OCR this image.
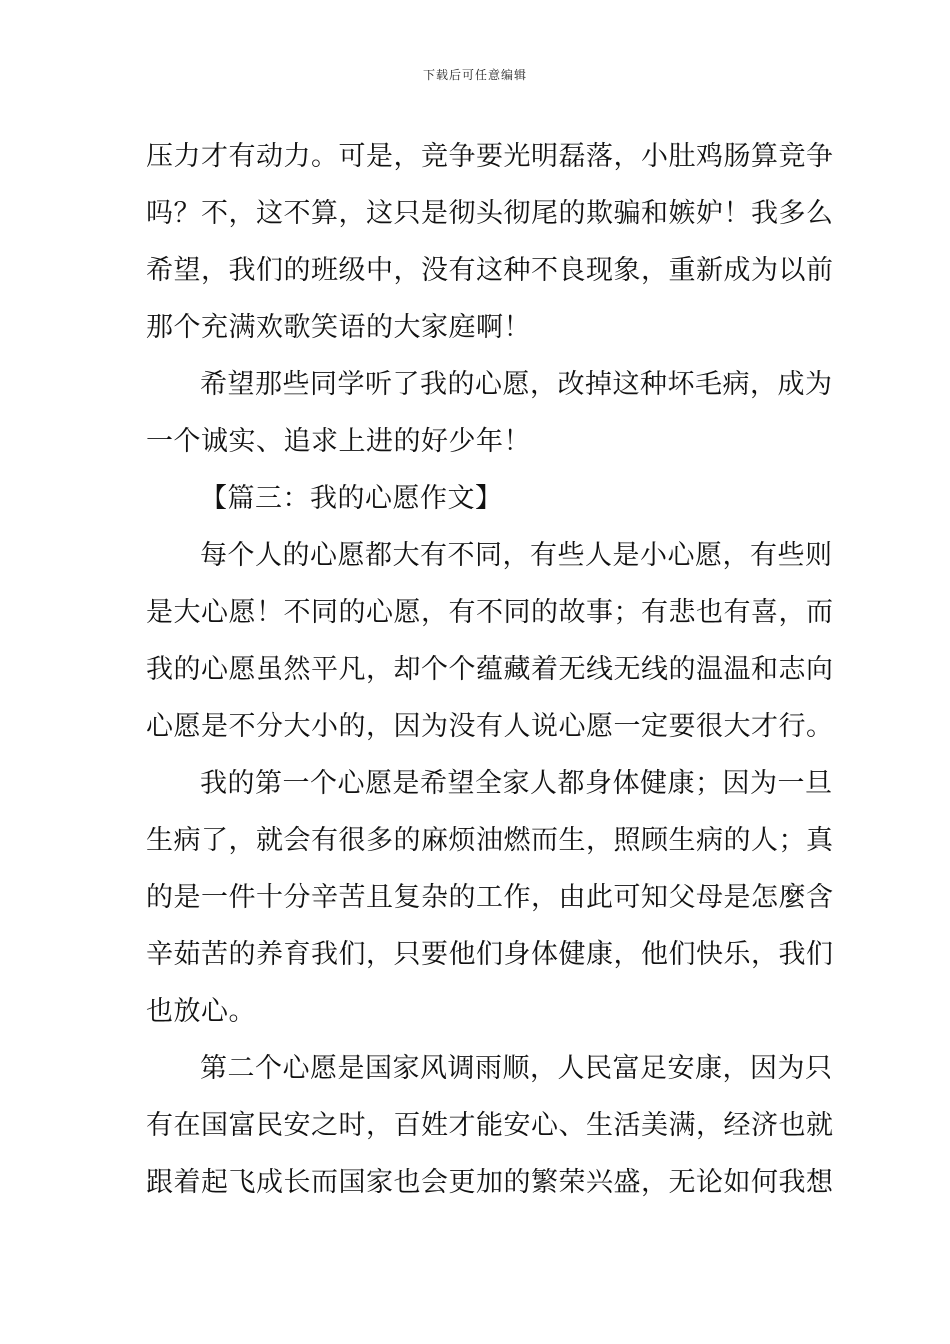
下载后可任意编辑
压力才有动力。可是，竞争要光明磊落，小肚鸡肠算竞争
吗？不，这不算，这只是彻头彻尾的欺骗和嫉妒！我多么
希望，我们的班级中，没有这种不良现象，重新成为以前
那个充满欢歌笑语的大家庭啊！
希望那些同学听了我的心愿，改掉这种坏毛病，成为
一个诚实、追求上进的好少年！
【篇三：我的心愿作文】
每个人的心愿都大有不同，有些人是小心愿，有些则
是大心愿！不同的心愿，有不同的故事；有悲也有喜，而
我的心愿虽然平凡，却个个蕴藏着无线无线的温温和志向
心愿是不分大小的，因为没有人说心愿一定要很大才行。
我的第一个心愿是希望全家人都身体健康；因为一旦
生病了，就会有很多的麻烦油燃而生，照顾生病的人；真
的是一件十分辛苦且复杂的工作，由此可知父母是怎麼含
辛茹苦的养育我们，只要他们身体健康，他们快乐，我们
也放心。
第二个心愿是国家风调雨顺，人民富足安康，因为只
有在国富民安之时，百姓才能安心、生活美满，经济也就
跟着起飞成长而国家也会更加的繁荣兴盛，无论如何我想
